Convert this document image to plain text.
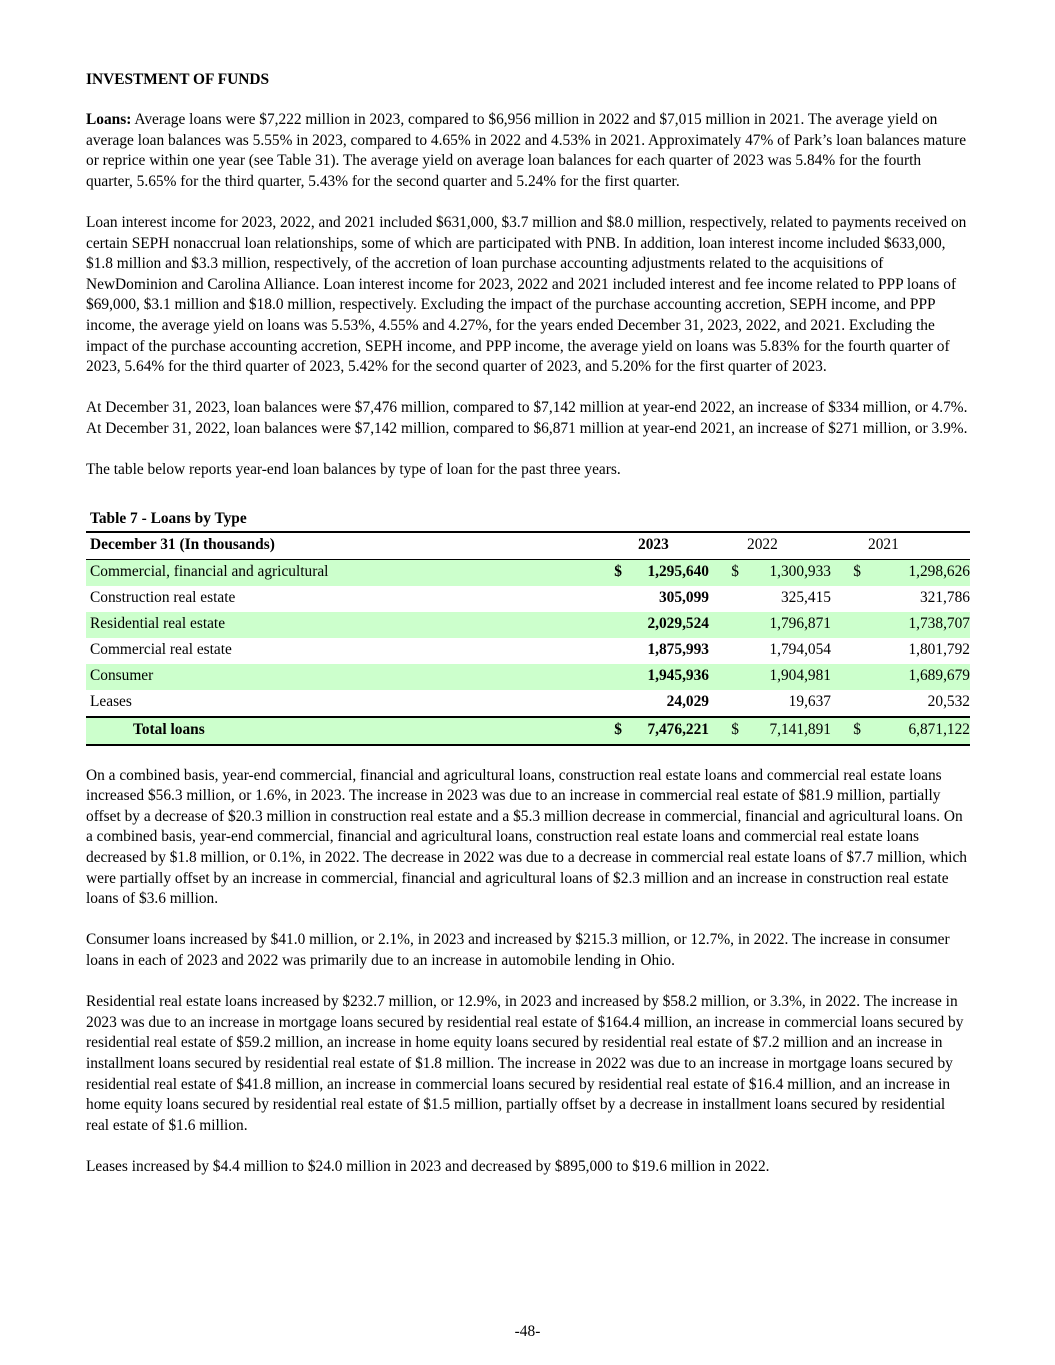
INVESTMENT OF FUNDS

Loans: Average loans were $7,222 million in 2023, compared to $6,956 million in 2022 and $7,015 million in 2021. The average yield on average loan balances was 5.55% in 2023, compared to 4.65% in 2022 and 4.53% in 2021. Approximately 47% of Park’s loan balances mature or reprice within one year (see Table 31). The average yield on average loan balances for each quarter of 2023 was 5.84% for the fourth quarter, 5.65% for the third quarter, 5.43% for the second quarter and 5.24% for the first quarter.

Loan interest income for 2023, 2022, and 2021 included $631,000, $3.7 million and $8.0 million, respectively, related to payments received on certain SEPH nonaccrual loan relationships, some of which are participated with PNB. In addition, loan interest income included $633,000, $1.8 million and $3.3 million, respectively, of the accretion of loan purchase accounting adjustments related to the acquisitions of NewDominion and Carolina Alliance. Loan interest income for 2023, 2022 and 2021 included interest and fee income related to PPP loans of $69,000, $3.1 million and $18.0 million, respectively. Excluding the impact of the purchase accounting accretion, SEPH income, and PPP income, the average yield on loans was 5.53%, 4.55% and 4.27%, for the years ended December 31, 2023, 2022, and 2021. Excluding the impact of the purchase accounting accretion, SEPH income, and PPP income, the average yield on loans was 5.83% for the fourth quarter of 2023, 5.64% for the third quarter of 2023, 5.42% for the second quarter of 2023, and 5.20% for the first quarter of 2023.

At December 31, 2023, loan balances were $7,476 million, compared to $7,142 million at year-end 2022, an increase of $334 million, or 4.7%. At December 31, 2022, loan balances were $7,142 million, compared to $6,871 million at year-end 2021, an increase of $271 million, or 3.9%.

The table below reports year-end loan balances by type of loan for the past three years.

Table 7 - Loans by Type
December 31 (In thousands)		2023		2022		2021
Commercial, financial and agricultural	$	1,295,640	$	1,300,933	$	1,298,626
Construction real estate		305,099		325,415		321,786
Residential real estate		2,029,524		1,796,871		1,738,707
Commercial real estate		1,875,993		1,794,054		1,801,792
Consumer		1,945,936		1,904,981		1,689,679
Leases		24,029		19,637		20,532
Total loans	$	7,476,221	$	7,141,891	$	6,871,122

On a combined basis, year-end commercial, financial and agricultural loans, construction real estate loans and commercial real estate loans increased $56.3 million, or 1.6%, in 2023. The increase in 2023 was due to an increase in commercial real estate of $81.9 million, partially offset by a decrease of $20.3 million in construction real estate and a $5.3 million decrease in commercial, financial and agricultural loans. On a combined basis, year-end commercial, financial and agricultural loans, construction real estate loans and commercial real estate loans decreased by $1.8 million, or 0.1%, in 2022. The decrease in 2022 was due to a decrease in commercial real estate loans of $7.7 million, which were partially offset by an increase in commercial, financial and agricultural loans of $2.3 million and an increase in construction real estate loans of $3.6 million.

Consumer loans increased by $41.0 million, or 2.1%, in 2023 and increased by $215.3 million, or 12.7%, in 2022. The increase in consumer loans in each of 2023 and 2022 was primarily due to an increase in automobile lending in Ohio.

Residential real estate loans increased by $232.7 million, or 12.9%, in 2023 and increased by $58.2 million, or 3.3%, in 2022. The increase in 2023 was due to an increase in mortgage loans secured by residential real estate of $164.4 million, an increase in commercial loans secured by residential real estate of $59.2 million, an increase in home equity loans secured by residential real estate of $7.2 million and an increase in installment loans secured by residential real estate of $1.8 million. The increase in 2022 was due to an increase in mortgage loans secured by residential real estate of $41.8 million, an increase in commercial loans secured by residential real estate of $16.4 million, and an increase in home equity loans secured by residential real estate of $1.5 million, partially offset by a decrease in installment loans secured by residential real estate of $1.6 million.

Leases increased by $4.4 million to $24.0 million in 2023 and decreased by $895,000 to $19.6 million in 2022.

-48-
